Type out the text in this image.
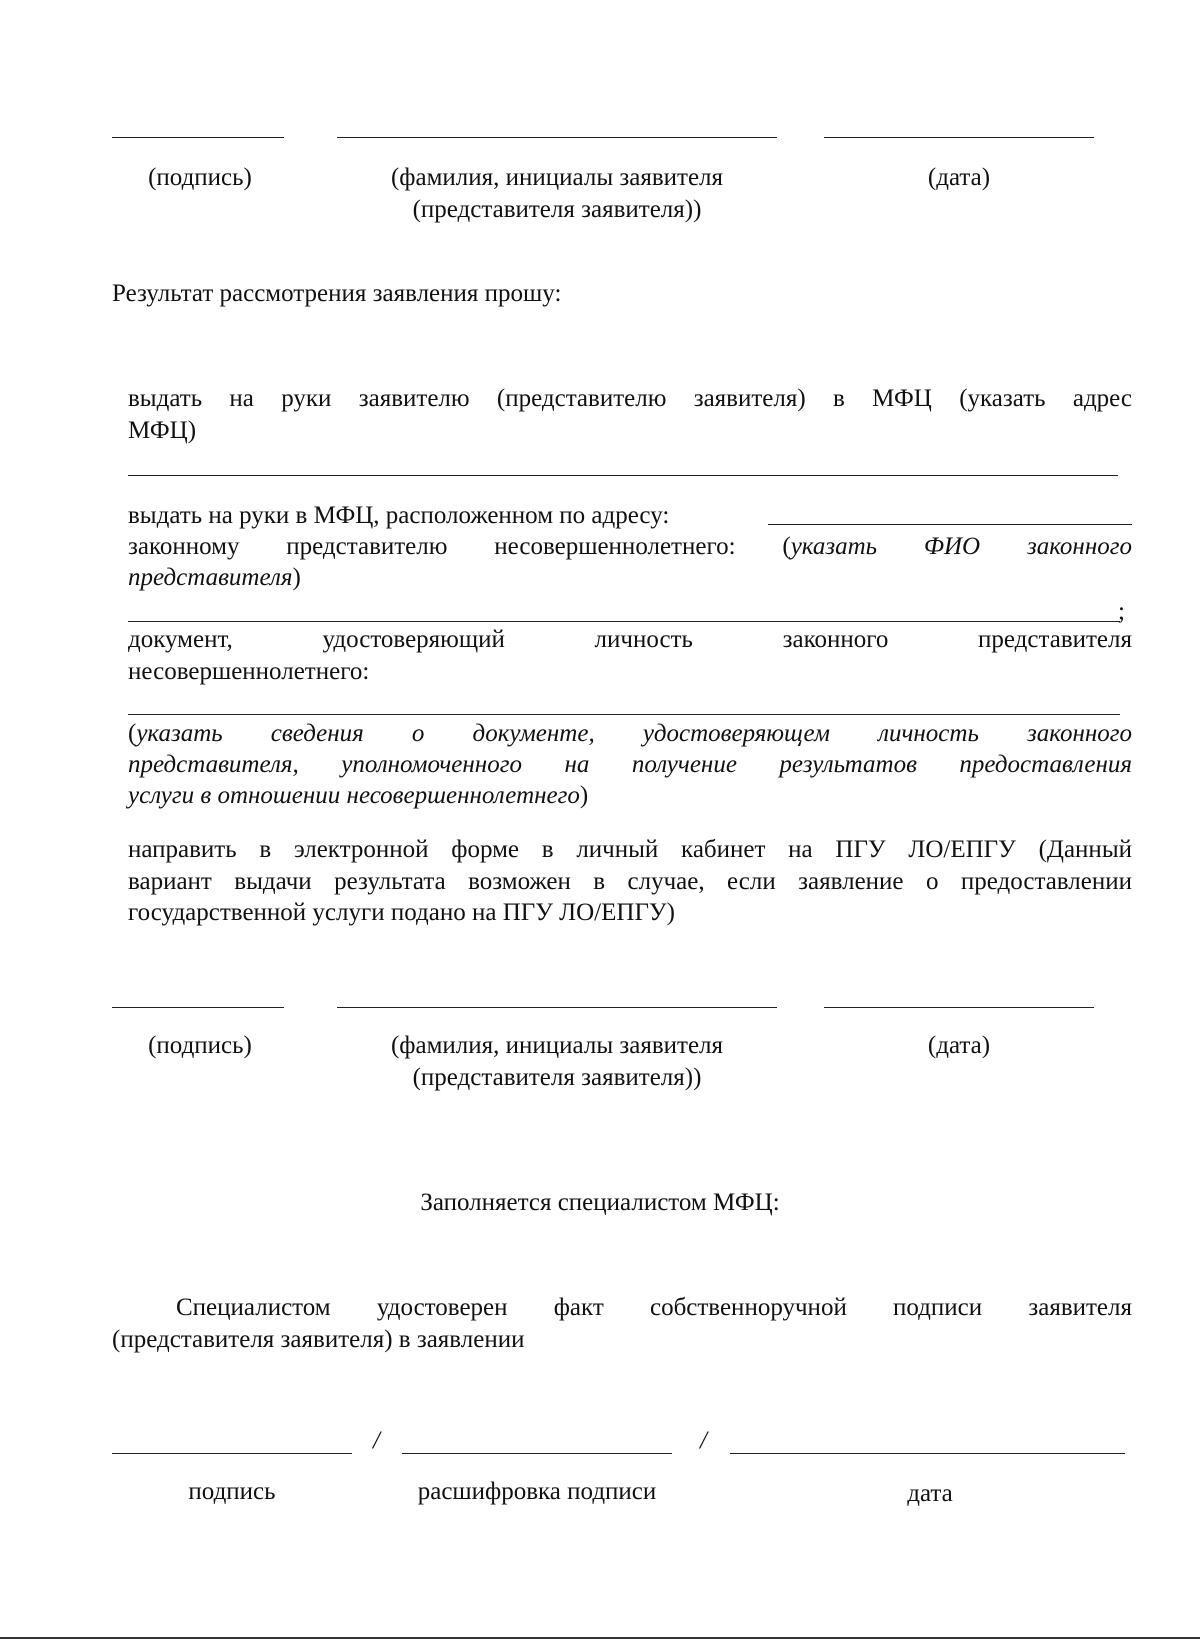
(подпись)	(фамилия, инициалы заявителя
(представителя заявителя))
(дата)
Результат рассмотрения заявления прошу:
выдать на руки заявителю (представителю заявителя) в МФЦ (указать адрес
МФЦ)
выдать на руки в МФЦ, расположенном по адресу:
законному представителю несовершеннолетнего: (указать ФИО законного
представителя)
;
документ, удостоверяющий личность законного представителя
несовершеннолетнего:
(указать сведения о документе, удостоверяющем личность законного
представителя, уполномоченного на получение результатов предоставления
услуги в отношении несовершеннолетнего)
направить в электронной форме в личный кабинет на ПГУ ЛО/ЕПГУ (Данный
вариант выдачи результата возможен в случае, если заявление о предоставлении
государственной услуги подано на ПГУ ЛО/ЕПГУ)
(подпись)	(фамилия, инициалы заявителя
(представителя заявителя))
(дата)
Заполняется специалистом МФЦ:
Специалистом удостоверен факт собственноручной подписи заявителя
(представителя заявителя) в заявлении
/	/
подпись	расшифровка подписи	дата
